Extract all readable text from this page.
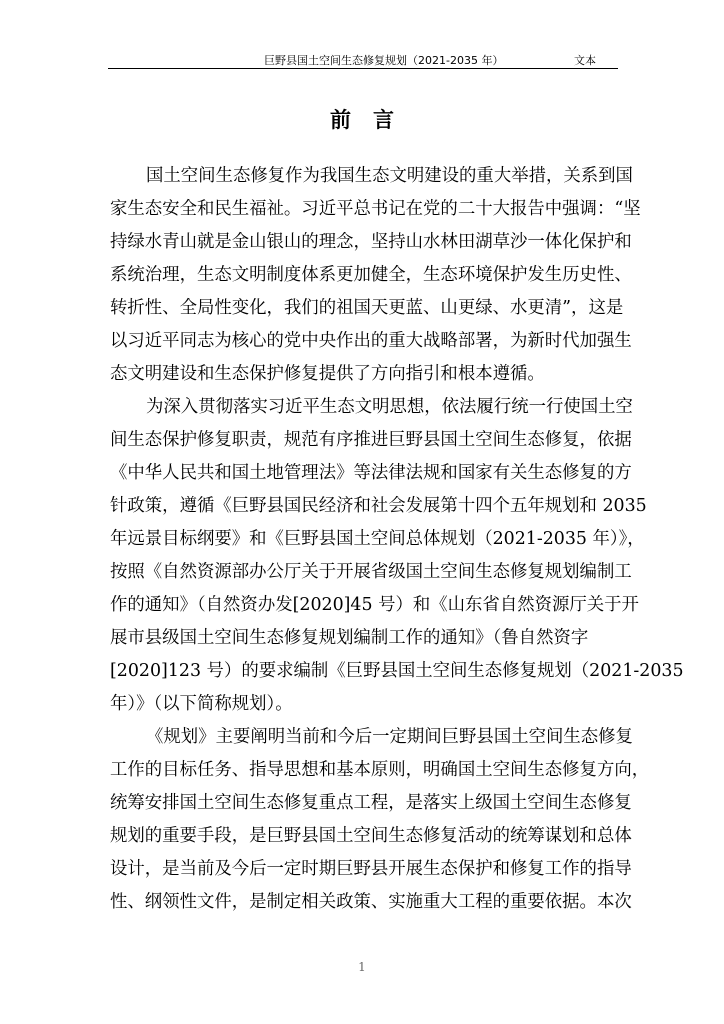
巨野县国土空间生态修复规划（2021-2035 年）	文本
前言
国土空间生态修复作为我国生态文明建设的重大举措，关系到国
家生态安全和民生福祉。习近平总书记在党的二十大报告中强调：“坚
持绿水青山就是金山银山的理念，坚持山水林田湖草沙一体化保护和
系统治理，生态文明制度体系更加健全，生态环境保护发生历史性、
转折性、全局性变化，我们的祖国天更蓝、山更绿、水更清”，这是
以习近平同志为核心的党中央作出的重大战略部署，为新时代加强生
态文明建设和生态保护修复提供了方向指引和根本遵循。
为深入贯彻落实习近平生态文明思想，依法履行统一行使国土空
间生态保护修复职责，规范有序推进巨野县国土空间生态修复，依据
《中华人民共和国土地管理法》等法律法规和国家有关生态修复的方
针政策，遵循《巨野县国民经济和社会发展第十四个五年规划和 2035
年远景目标纲要》和《巨野县国土空间总体规划（2021-2035 年）》，
按照《自然资源部办公厅关于开展省级国土空间生态修复规划编制工
作的通知》（自然资办发[2020]45 号）和《山东省自然资源厅关于开
展市县级国土空间生态修复规划编制工作的通知》（鲁自然资字
[2020]123 号）的要求编制《巨野县国土空间生态修复规划（2021-2035
年）》（以下简称规划）。
《规划》主要阐明当前和今后一定期间巨野县国土空间生态修复
工作的目标任务、指导思想和基本原则，明确国土空间生态修复方向，
统筹安排国土空间生态修复重点工程，是落实上级国土空间生态修复
规划的重要手段，是巨野县国土空间生态修复活动的统筹谋划和总体
设计，是当前及今后一定时期巨野县开展生态保护和修复工作的指导
性、纲领性文件，是制定相关政策、实施重大工程的重要依据。本次
1
